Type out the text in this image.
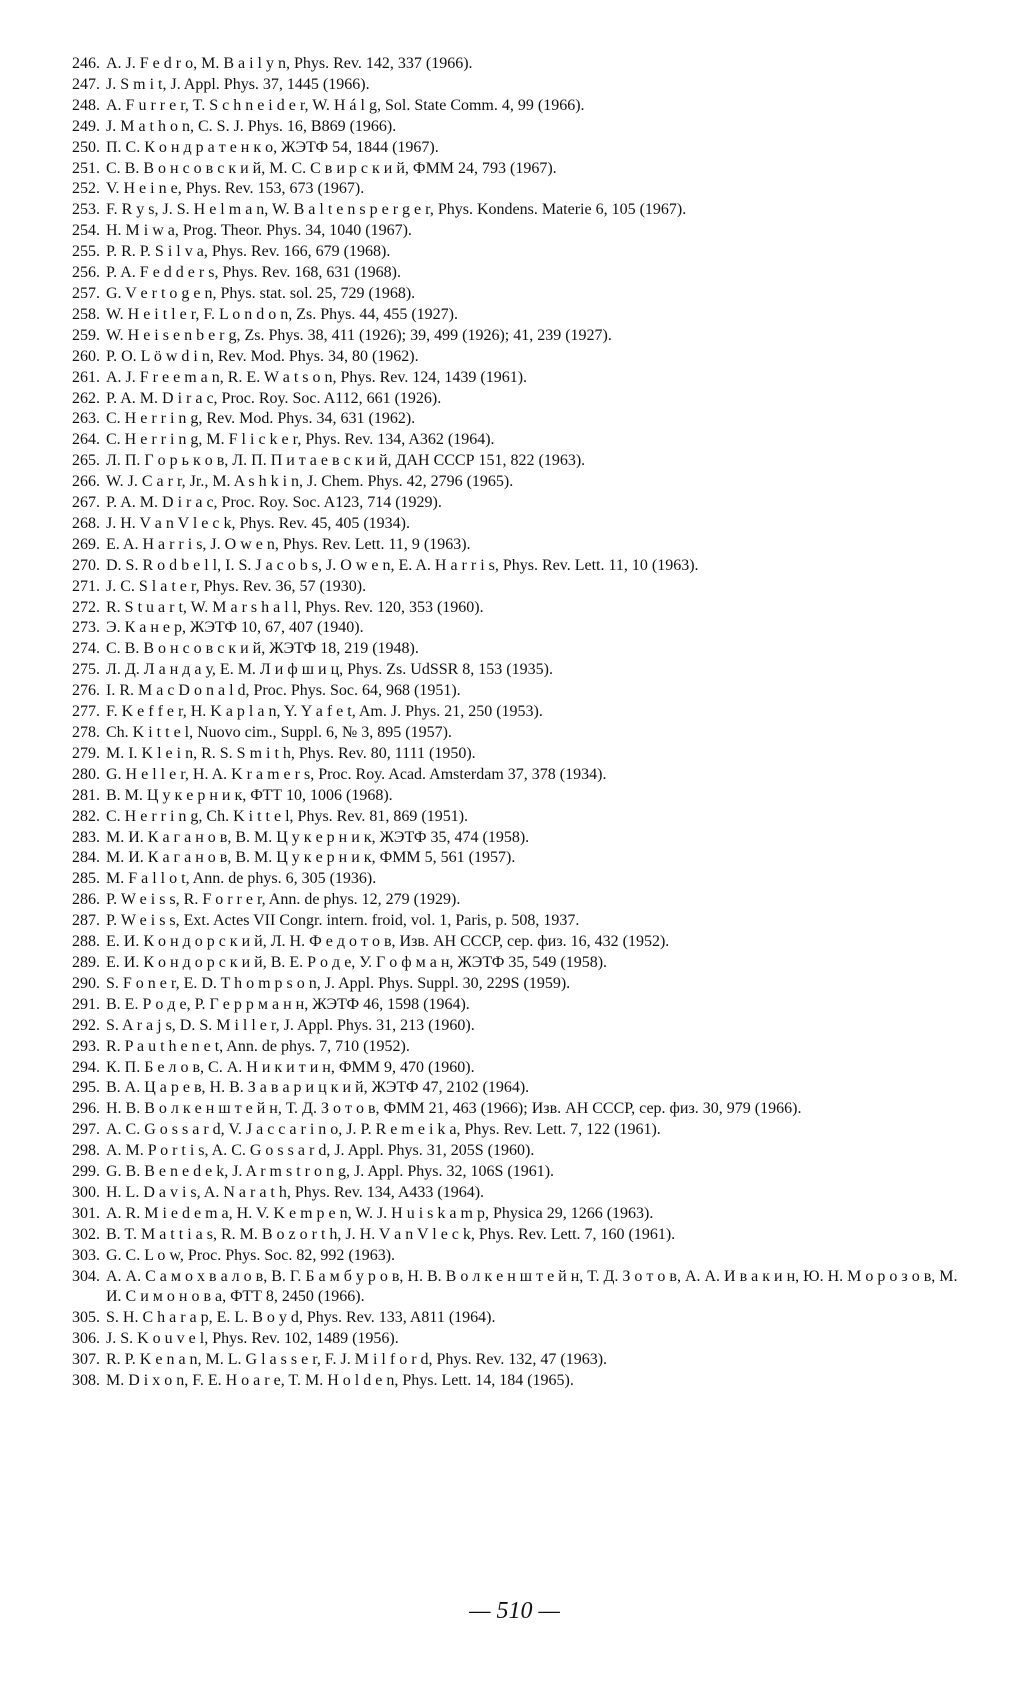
246. A. J. F e d r o, M. B a i l y n, Phys. Rev. 142, 337 (1966).
247. J. S m i t, J. Appl. Phys. 37, 1445 (1966).
248. A. F u r r e r, T. S c h n e i d e r, W. H á l g, Sol. State Comm. 4, 99 (1966).
249. J. M a t h o n, C. S. J. Phys. 16, B869 (1966).
250. П. С. К о н д р а т е н к о, ЖЭТФ 54, 1844 (1967).
251. С. В. В о н с о в с к и й, М. С. С в и р с к и й, ФММ 24, 793 (1967).
252. V. H e i n e, Phys. Rev. 153, 673 (1967).
253. F. R y s, J. S. H e l m a n, W. B a l t e n s p e r g e r, Phys. Kondens. Materie 6, 105 (1967).
254. H. M i w a, Prog. Theor. Phys. 34, 1040 (1967).
255. P. R. P. S i l v a, Phys. Rev. 166, 679 (1968).
256. P. A. F e d d e r s, Phys. Rev. 168, 631 (1968).
257. G. V e r t o g e n, Phys. stat. sol. 25, 729 (1968).
258. W. H e i t l e r, F. L o n d o n, Zs. Phys. 44, 455 (1927).
259. W. H e i s e n b e r g, Zs. Phys. 38, 411 (1926); 39, 499 (1926); 41, 239 (1927).
260. P. O. L ö w d i n, Rev. Mod. Phys. 34, 80 (1962).
261. A. J. F r e e m a n, R. E. W a t s o n, Phys. Rev. 124, 1439 (1961).
262. P. A. M. D i r a c, Proc. Roy. Soc. A112, 661 (1926).
263. C. H e r r i n g, Rev. Mod. Phys. 34, 631 (1962).
264. C. H e r r i n g, M. F l i c k e r, Phys. Rev. 134, A362 (1964).
265. Л. П. Г о р ь к о в, Л. П. П и т а е в с к и й, ДАН СССР 151, 822 (1963).
266. W. J. C a r r, Jr., M. A s h k i n, J. Chem. Phys. 42, 2796 (1965).
267. P. A. M. D i r a c, Proc. Roy. Soc. A123, 714 (1929).
268. J. H. V a n V l e c k, Phys. Rev. 45, 405 (1934).
269. E. A. H a r r i s, J. O w e n, Phys. Rev. Lett. 11, 9 (1963).
270. D. S. R o d b e l l, I. S. J a c o b s, J. O w e n, E. A. H a r r i s, Phys. Rev. Lett. 11, 10 (1963).
271. J. C. S l a t e r, Phys. Rev. 36, 57 (1930).
272. R. S t u a r t, W. M a r s h a l l, Phys. Rev. 120, 353 (1960).
273. Э. К а н е р, ЖЭТФ 10, 67, 407 (1940).
274. С. В. В о н с о в с к и й, ЖЭТФ 18, 219 (1948).
275. Л. Д. Л а н д а у, Е. М. Л и ф ш и ц, Phys. Zs. UdSSR 8, 153 (1935).
276. I. R. M a c D o n a l d, Proc. Phys. Soc. 64, 968 (1951).
277. F. K e f f e r, H. K a p l a n, Y. Y a f e t, Am. J. Phys. 21, 250 (1953).
278. Ch. K i t t e l, Nuovo cim., Suppl. 6, № 3, 895 (1957).
279. M. I. K l e i n, R. S. S m i t h, Phys. Rev. 80, 1111 (1950).
280. G. H e l l e r, H. A. K r a m e r s, Proc. Roy. Acad. Amsterdam 37, 378 (1934).
281. В. М. Ц у к е р н и к, ФТТ 10, 1006 (1968).
282. C. H e r r i n g, Ch. K i t t e l, Phys. Rev. 81, 869 (1951).
283. М. И. К а г а н о в, В. М. Ц у к е р н и к, ЖЭТФ 35, 474 (1958).
284. М. И. К а г а н о в, В. М. Ц у к е р н и к, ФММ 5, 561 (1957).
285. M. F a l l o t, Ann. de phys. 6, 305 (1936).
286. P. W e i s s, R. F o r r e r, Ann. de phys. 12, 279 (1929).
287. P. W e i s s, Ext. Actes VII Congr. intern. froid, vol. 1, Paris, p. 508, 1937.
288. Е. И. К о н д о р с к и й, Л. Н. Ф е д о т о в, Изв. АН СССР, сер. физ. 16, 432 (1952).
289. Е. И. К о н д о р с к и й, В. Е. Р о д е, У. Г о ф м а н, ЖЭТФ 35, 549 (1958).
290. S. F o n e r, E. D. T h o m p s o n, J. Appl. Phys. Suppl. 30, 229S (1959).
291. В. Е. Р о д е, Р. Г е р р м а н н, ЖЭТФ 46, 1598 (1964).
292. S. A r a j s, D. S. M i l l e r, J. Appl. Phys. 31, 213 (1960).
293. R. P a u t h e n e t, Ann. de phys. 7, 710 (1952).
294. К. П. Б е л о в, С. А. Н и к и т и н, ФММ 9, 470 (1960).
295. В. А. Ц а р е в, Н. В. З а в а р и ц к и й, ЖЭТФ 47, 2102 (1964).
296. Н. В. В о л к е н ш т е й н, Т. Д. З о т о в, ФММ 21, 463 (1966); Изв. АН СССР, сер. физ. 30, 979 (1966).
297. A. C. G o s s a r d, V. J a c c a r i n o, J. P. R e m e i k a, Phys. Rev. Lett. 7, 122 (1961).
298. A. M. P o r t i s, A. C. G o s s a r d, J. Appl. Phys. 31, 205S (1960).
299. G. B. B e n e d e k, J. A r m s t r o n g, J. Appl. Phys. 32, 106S (1961).
300. H. L. D a v i s, A. N a r a t h, Phys. Rev. 134, A433 (1964).
301. A. R. M i e d e m a, H. V. K e m p e n, W. J. H u i s k a m p, Physica 29, 1266 (1963).
302. B. T. M a t t i a s, R. M. B o z o r t h, J. H. V a n V l e c k, Phys. Rev. Lett. 7, 160 (1961).
303. G. C. L o w, Proc. Phys. Soc. 82, 992 (1963).
304. А. А. С а м о х в а л о в, В. Г. Б а м б у р о в, Н. В. В о л к е н ш т е й н, Т. Д. З о т о в, А. А. И в а к и н, Ю. Н. М о р о з о в, М. И. С и м о н о в а, ФТТ 8, 2450 (1966).
305. S. H. C h a r a p, E. L. B o y d, Phys. Rev. 133, A811 (1964).
306. J. S. K o u v e l, Phys. Rev. 102, 1489 (1956).
307. R. P. K e n a n, M. L. G l a s s e r, F. J. M i l f o r d, Phys. Rev. 132, 47 (1963).
308. M. D i x o n, F. E. H o a r e, T. M. H o l d e n, Phys. Lett. 14, 184 (1965).
— 510 —
